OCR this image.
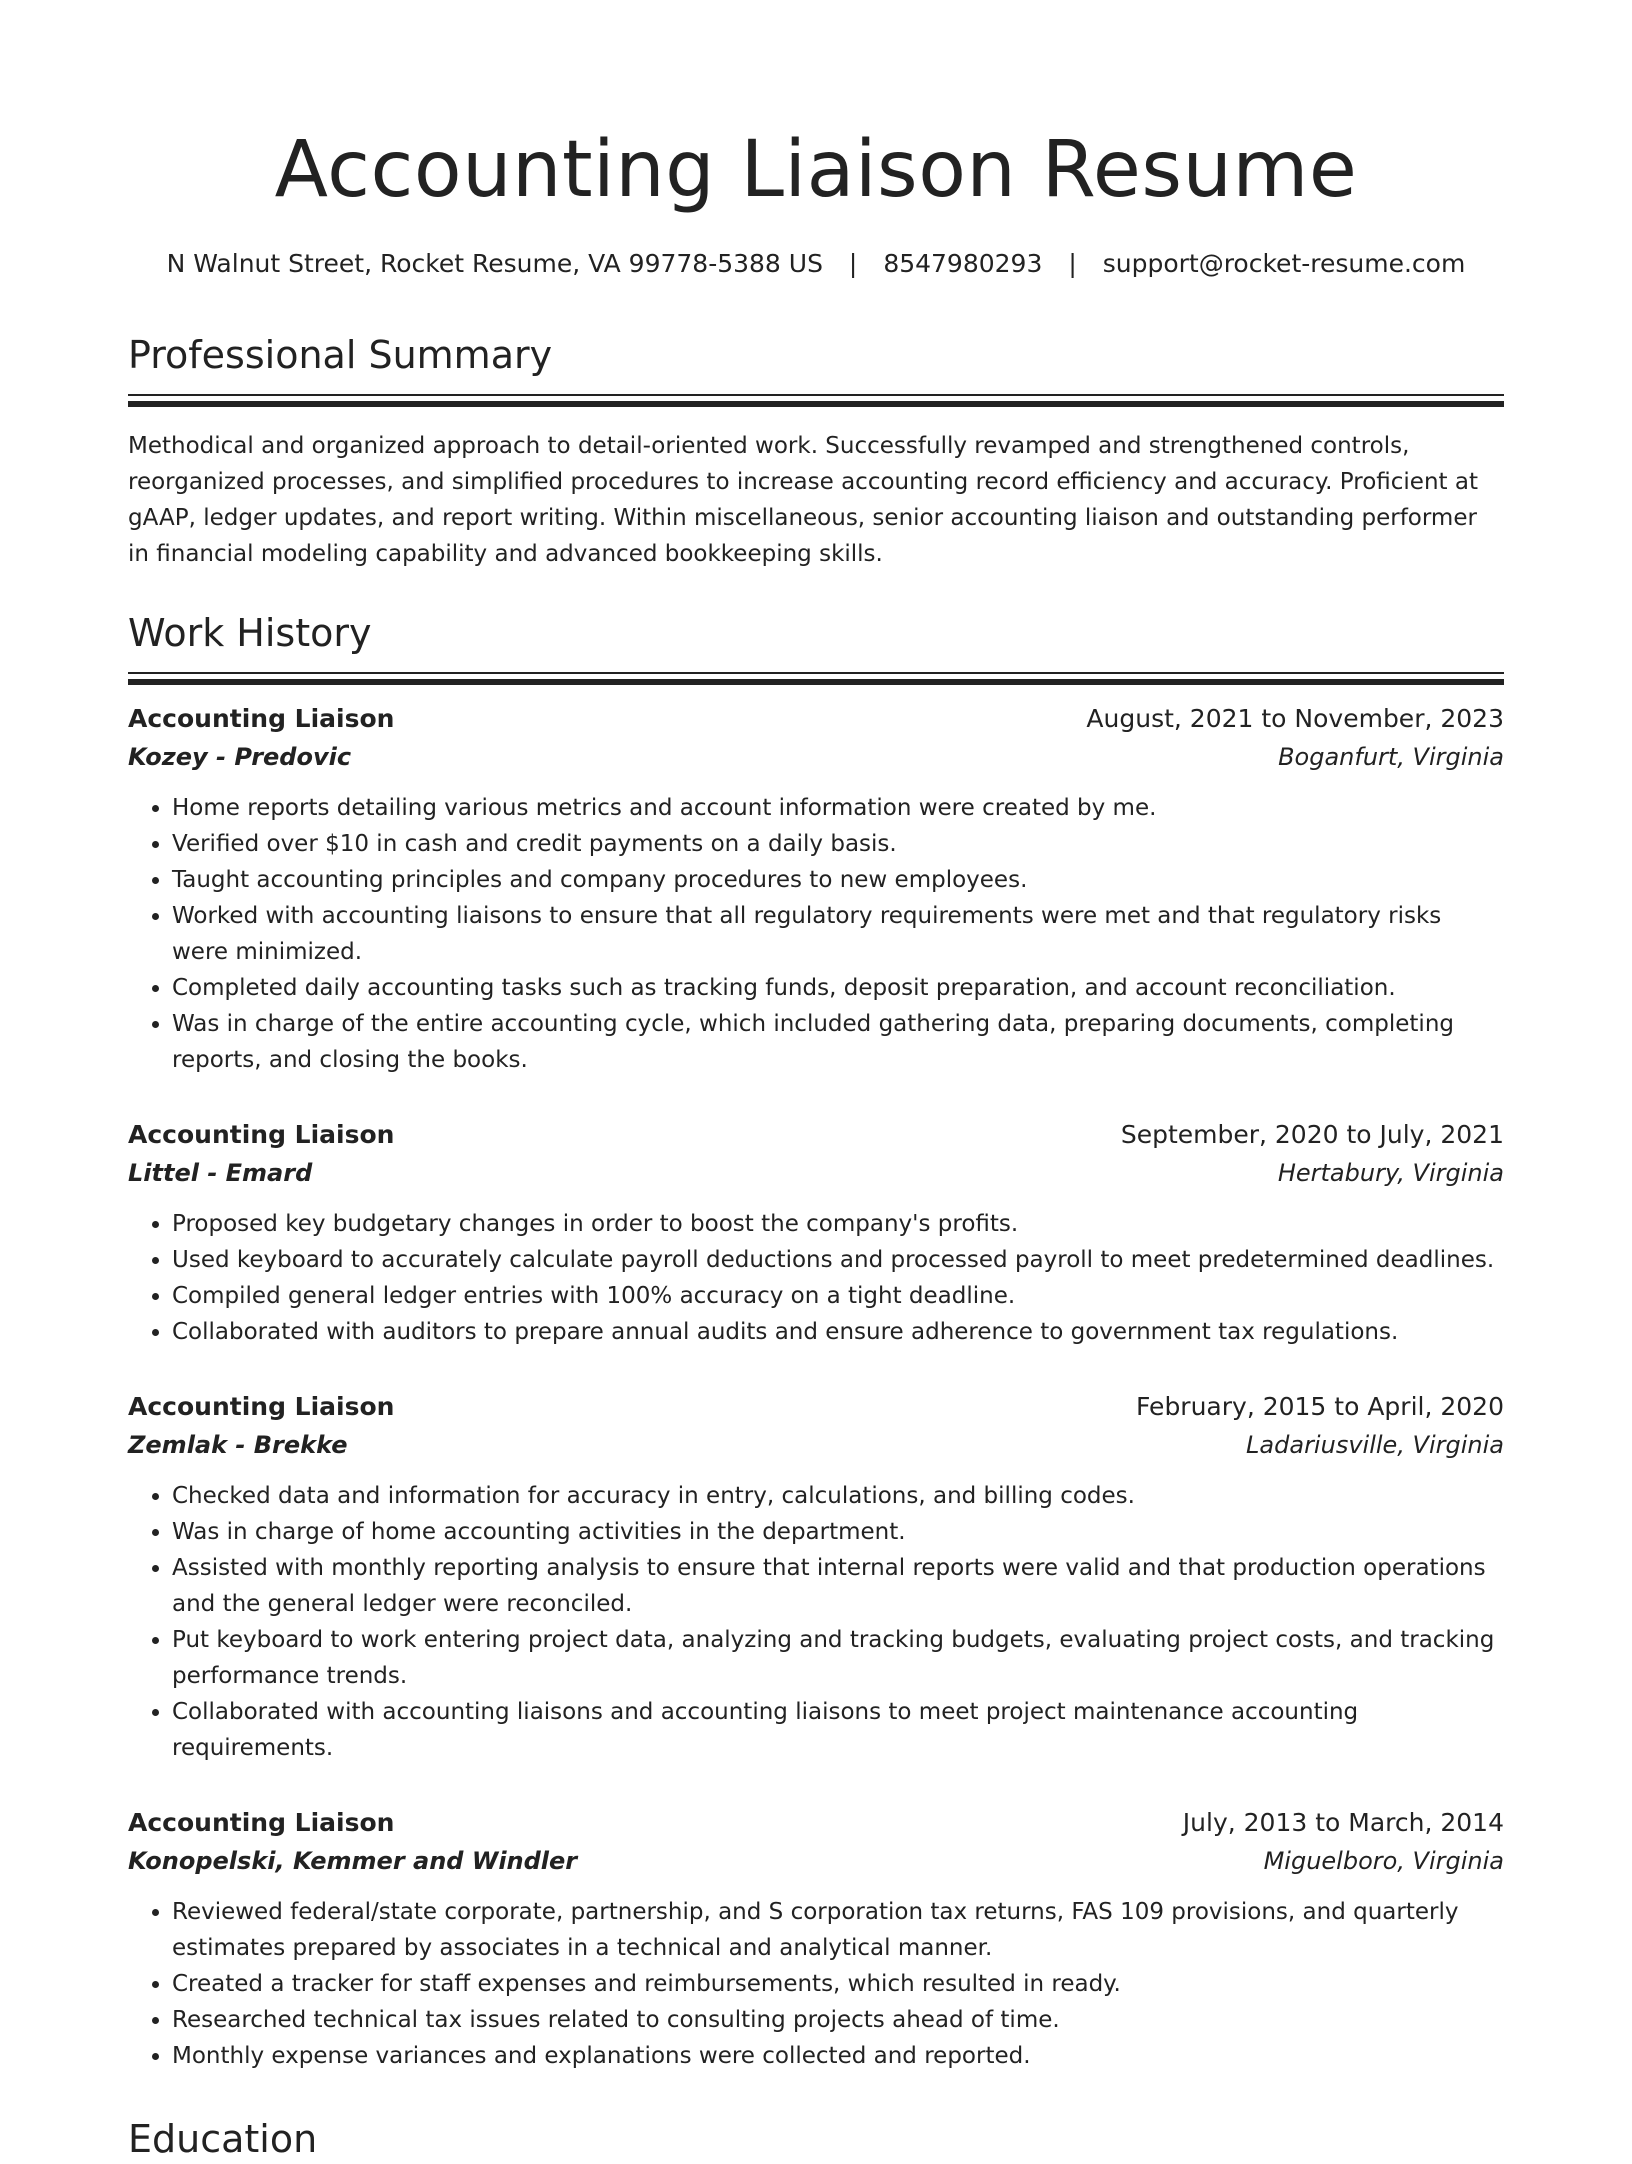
Accounting Liaison Resume
N Walnut Street, Rocket Resume, VA 99778-5388 US | 8547980293 | support@rocket-resume.com
Professional Summary

Methodical and organized approach to detail-oriented work. Successfully revamped and strengthened controls, reorganized processes, and simplified procedures to increase accounting record efficiency and accuracy. Proficient at gAAP, ledger updates, and report writing. Within miscellaneous, senior accounting liaison and outstanding performer in financial modeling capability and advanced bookkeeping skills.

Work History
Accounting Liaison	August, 2021 to November, 2023
Kozey - Predovic	Boganfurt, Virginia
• Home reports detailing various metrics and account information were created by me.
• Verified over $10 in cash and credit payments on a daily basis.
• Taught accounting principles and company procedures to new employees.
• Worked with accounting liaisons to ensure that all regulatory requirements were met and that regulatory risks were minimized.
• Completed daily accounting tasks such as tracking funds, deposit preparation, and account reconciliation.
• Was in charge of the entire accounting cycle, which included gathering data, preparing documents, completing reports, and closing the books.
Accounting Liaison	September, 2020 to July, 2021
Littel - Emard	Hertabury, Virginia
• Proposed key budgetary changes in order to boost the company's profits.
• Used keyboard to accurately calculate payroll deductions and processed payroll to meet predetermined deadlines.
• Compiled general ledger entries with 100% accuracy on a tight deadline.
• Collaborated with auditors to prepare annual audits and ensure adherence to government tax regulations.
Accounting Liaison	February, 2015 to April, 2020
Zemlak - Brekke	Ladariusville, Virginia
• Checked data and information for accuracy in entry, calculations, and billing codes.
• Was in charge of home accounting activities in the department.
• Assisted with monthly reporting analysis to ensure that internal reports were valid and that production operations and the general ledger were reconciled.
• Put keyboard to work entering project data, analyzing and tracking budgets, evaluating project costs, and tracking performance trends.
• Collaborated with accounting liaisons and accounting liaisons to meet project maintenance accounting requirements.
Accounting Liaison	July, 2013 to March, 2014
Konopelski, Kemmer and Windler	Miguelboro, Virginia
• Reviewed federal/state corporate, partnership, and S corporation tax returns, FAS 109 provisions, and quarterly estimates prepared by associates in a technical and analytical manner.
• Created a tracker for staff expenses and reimbursements, which resulted in ready.
• Researched technical tax issues related to consulting projects ahead of time.
• Monthly expense variances and explanations were collected and reported.
Education
